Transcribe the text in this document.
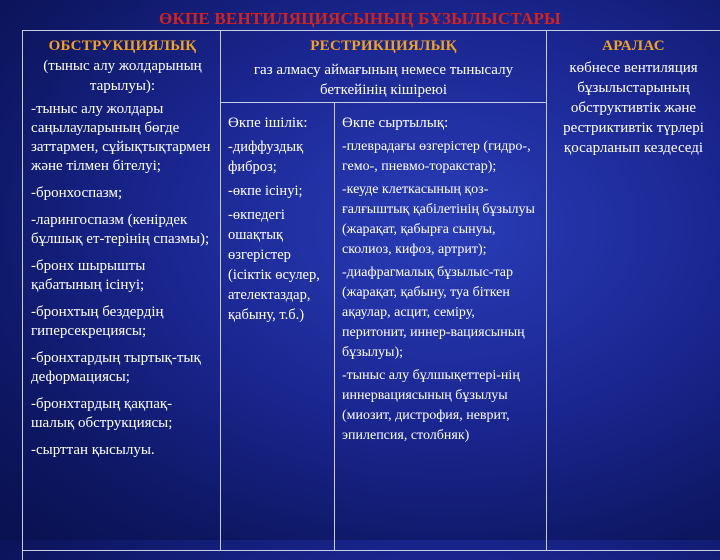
ӨКПЕ ВЕНТИЛЯЦИЯСЫНЫҢ БҰЗЫЛЫСТАРЫ
ОБСТРУКЦИЯЛЫҚ
(тыныс алу жолдарының тарылуы):
-тыныс алу жолдары саңылауларының бөгде заттармен, сұйықтықтармен және тілмен бітелуі;
-бронхоспазм;
-ларингоспазм (кенірдек бұлшық ет-терінің спазмы);
-бронх шырышты қабатының ісінуі;
-бронхтың бездердің гиперсекрециясы;
-бронхтардың тыртық-тық деформациясы;
-бронхтардың қақпақ-шалық обструкциясы;
-сырттан қысылуы.
РЕСТРИКЦИЯЛЫҚ
газ алмасу аймағының немесе тынысалу беткейінің кішіреюі
АРАЛАС
көбнесе вентиляция бұзылыстарының обструктивтік және рестриктивтік түрлері қосарланып кездеседі
Өкпе ішілік:
-диффуздық фиброз;
-өкпе ісінуі;
-өкпедегі ошақтық өзгерістер (ісіктік өсулер, ателектаздар, қабыну, т.б.)
Өкпе сыртылық:
-плеврадағы өзгерістер (гидро-, гемо-, пневмо-торакстар);
-кеуде клеткасының қоз-ғалғыштық қабілетінің бұзылуы (жарақат, қабырға сынуы, сколиоз, кифоз, артрит);
-диафрагмалық бұзылыс-тар (жарақат, қабыну, туа біткен ақаулар, асцит, семіру, перитонит, иннер-вациясының бұзылуы);
-тыныс алу бұлшықеттері-нің иннервациясының бұзылуы (миозит, дистрофия, неврит, эпилепсия, столбняк)
